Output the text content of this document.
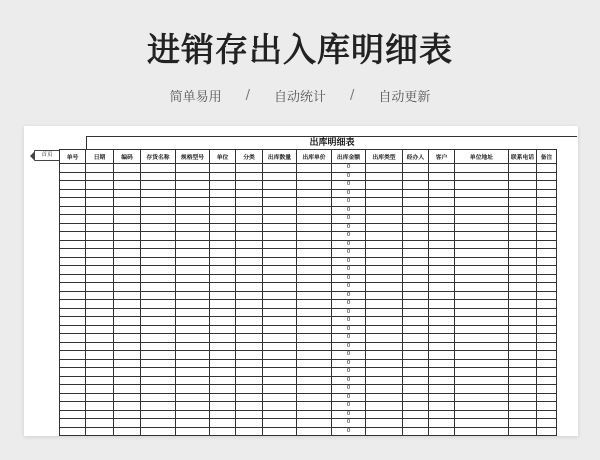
进销存出入库明细表
简单易用 / 自动统计 / 自动更新
首页
出库明细表
单号	日期	编码	存货名称	规格型号	单位	分类	出库数量	出库单价	出库金额	出库类型	经办人	客户	单位地址	联系电话	备注
									0						
									0						
									0						
									0						
									0						
									0						
									0						
									0						
									0						
									0						
									0						
									0						
									0						
									0						
									0						
									0						
									0						
									0						
									0						
									0						
									0						
									0						
									0						
									0						
									0						
									0						
									0						
									0						
									0						
									0						
									0						
									0						
